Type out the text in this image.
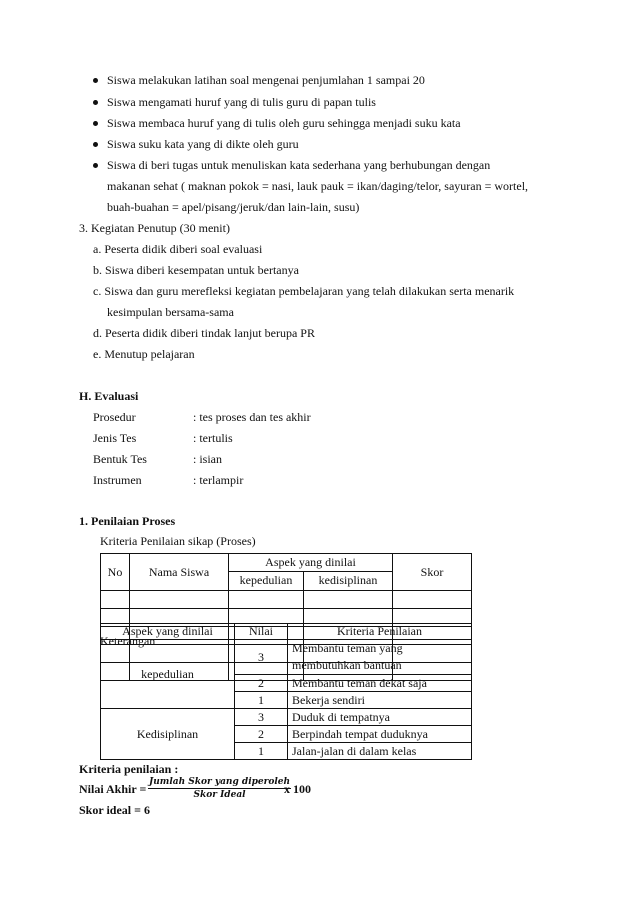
Siswa melakukan latihan soal mengenai penjumlahan 1 sampai 20
Siswa mengamati huruf yang di tulis guru di papan tulis
Siswa membaca huruf yang di tulis oleh guru sehingga menjadi suku kata
Siswa suku kata yang di dikte oleh guru
Siswa di beri tugas untuk menuliskan kata sederhana yang berhubungan dengan
makanan sehat ( maknan pokok = nasi, lauk pauk = ikan/daging/telor, sayuran = wortel,
buah-buahan = apel/pisang/jeruk/dan lain-lain, susu)
3. Kegiatan Penutup (30 menit)
a. Peserta didik diberi soal evaluasi
b. Siswa diberi kesempatan untuk bertanya
c. Siswa dan guru merefleksi kegiatan pembelajaran yang telah dilakukan serta menarik
kesimpulan bersama-sama
d. Peserta didik diberi tindak lanjut berupa PR
e. Menutup pelajaran
H. Evaluasi
Prosedur	: tes proses dan tes akhir
Jenis Tes	: tertulis
Bentuk Tes	: isian
Instrumen	: terlampir
1. Penilaian Proses
Kriteria Penilaian sikap (Proses)
No	Nama Siswa	Aspek yang dinilai		Skor
		kepedulian	kedisiplinan	

Keterangan
Aspek yang dinilai	Nilai	Kriteria Penilaian
kepedulian	3	Membantu teman yang
membutuhkan bantuan

	2	Membantu teman dekat saja
	1	Bekerja sendiri
Kedisiplinan	3	Duduk di tempatnya
	2	Berpindah tempat duduknya
	1	Jalan-jalan di dalam kelas
Kriteria penilaian :
Nilai Akhir = Jumlah Skor yang diperoleh
Skor Ideal	x 100
Skor ideal = 6
